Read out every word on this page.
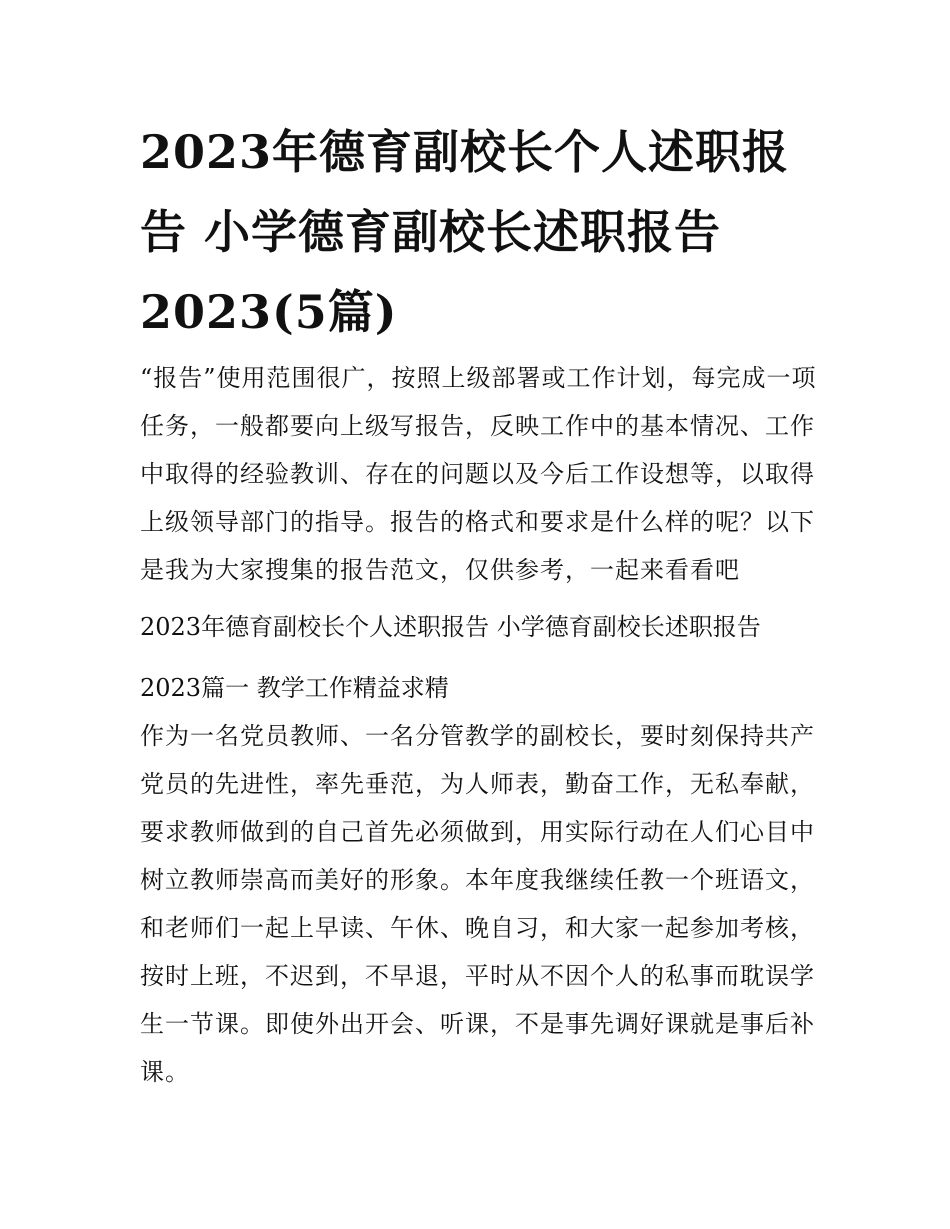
2023年德育副校长个人述职报告 小学德育副校长述职报告2023(5篇)

“报告”使用范围很广，按照上级部署或工作计划，每完成一项任务，一般都要向上级写报告，反映工作中的基本情况、工作中取得的经验教训、存在的问题以及今后工作设想等，以取得上级领导部门的指导。报告的格式和要求是什么样的呢？以下是我为大家搜集的报告范文，仅供参考，一起来看看吧

2023年德育副校长个人述职报告 小学德育副校长述职报告
2023篇一 教学工作精益求精

作为一名党员教师、一名分管教学的副校长，要时刻保持共产党员的先进性，率先垂范，为人师表，勤奋工作，无私奉献，要求教师做到的自己首先必须做到，用实际行动在人们心目中树立教师崇高而美好的形象。本年度我继续任教一个班语文，和老师们一起上早读、午休、晚自习，和大家一起参加考核，按时上班，不迟到，不早退，平时从不因个人的私事而耽误学生一节课。即使外出开会、听课，不是事先调好课就是事后补课。
